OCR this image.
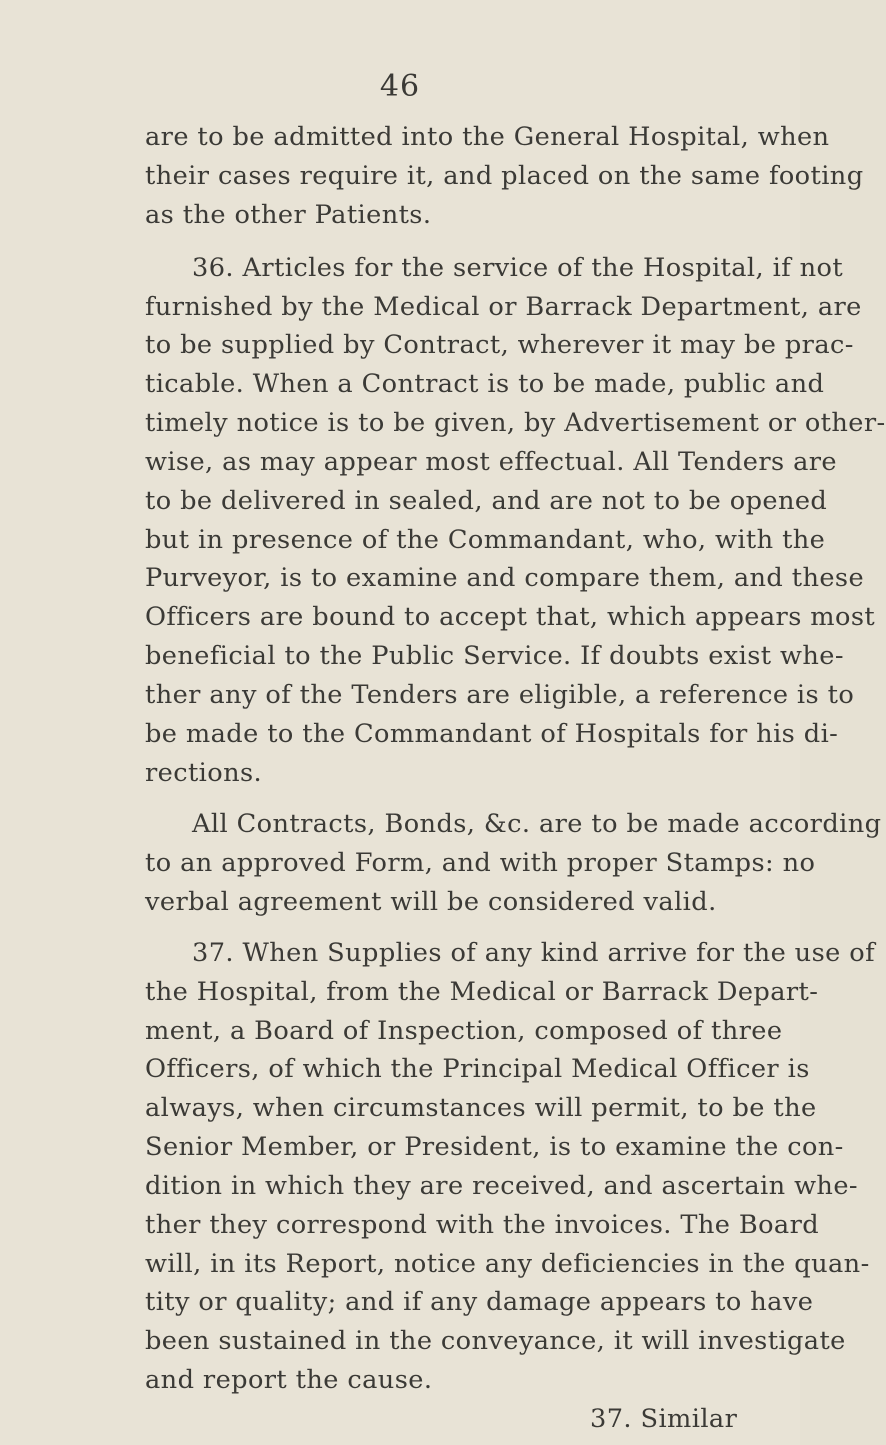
46
are to be admitted into the General Hospital, when
their cases require it, and placed on the same footing
as the other Patients.
36. Articles for the service of the Hospital, if not
furnished by the Medical or Barrack Department, are
to be supplied by Contract, wherever it may be prac-
ticable. When a Contract is to be made, public and
timely notice is to be given, by Advertisement or other-
wise, as may appear most effectual. All Tenders are
to be delivered in sealed, and are not to be opened
but in presence of the Commandant, who, with the
Purveyor, is to examine and compare them, and these
Officers are bound to accept that, which appears most
beneficial to the Public Service. If doubts exist whe-
ther any of the Tenders are eligible, a reference is to
be made to the Commandant of Hospitals for his di-
rections.
All Contracts, Bonds, &c. are to be made according
to an approved Form, and with proper Stamps: no
verbal agreement will be considered valid.
37. When Supplies of any kind arrive for the use of
the Hospital, from the Medical or Barrack Depart-
ment, a Board of Inspection, composed of three
Officers, of which the Principal Medical Officer is
always, when circumstances will permit, to be the
Senior Member, or President, is to examine the con-
dition in which they are received, and ascertain whe-
ther they correspond with the invoices. The Board
will, in its Report, notice any deficiencies in the quan-
tity or quality; and if any damage appears to have
been sustained in the conveyance, it will investigate
and report the cause.
37. Similar
